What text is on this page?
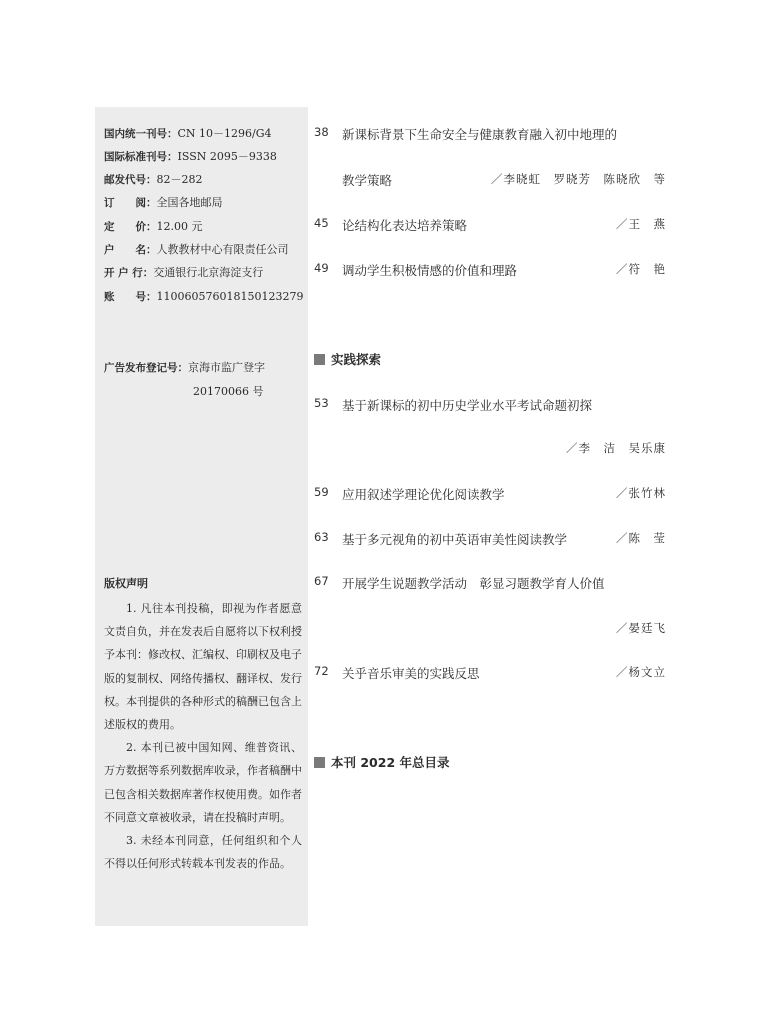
国内统一刊号：CN 10－1296/G4
国际标准刊号：ISSN 2095－9338
邮发代号：82－282
订　　阅：全国各地邮局
定　　价：12.00 元
户　　名：人教教材中心有限责任公司
开 户 行：交通银行北京海淀支行
账　　号：110060576018150123279
广告发布登记号：京海市监广登字
20170066 号
版权声明

1. 凡往本刊投稿，即视为作者愿意文责自负，并在发表后自愿将以下权利授予本刊：修改权、汇编权、印刷权及电子版的复制权、网络传播权、翻译权、发行权。本刊提供的各种形式的稿酬已包含上述版权的费用。

2. 本刊已被中国知网、维普资讯、万方数据等系列数据库收录，作者稿酬中已包含相关数据库著作权使用费。如作者不同意文章被收录，请在投稿时声明。

3. 未经本刊同意，任何组织和个人不得以任何形式转载本刊发表的作品。

38 新课标背景下生命安全与健康教育融入初中地理的
教学策略	／李晓虹　罗晓芳　陈晓欣　等
45 论结构化表达培养策略	／王　燕
49 调动学生积极情感的价值和理路	／符　艳
实践探索
53 基于新课标的初中历史学业水平考试命题初探
／李　洁　吴乐康
59 应用叙述学理论优化阅读教学	／张竹林
63 基于多元视角的初中英语审美性阅读教学	／陈　莹
67 开展学生说题教学活动　彰显习题教学育人价值
／晏廷飞
72 关乎音乐审美的实践反思	／杨文立
本刊 2022 年总目录
